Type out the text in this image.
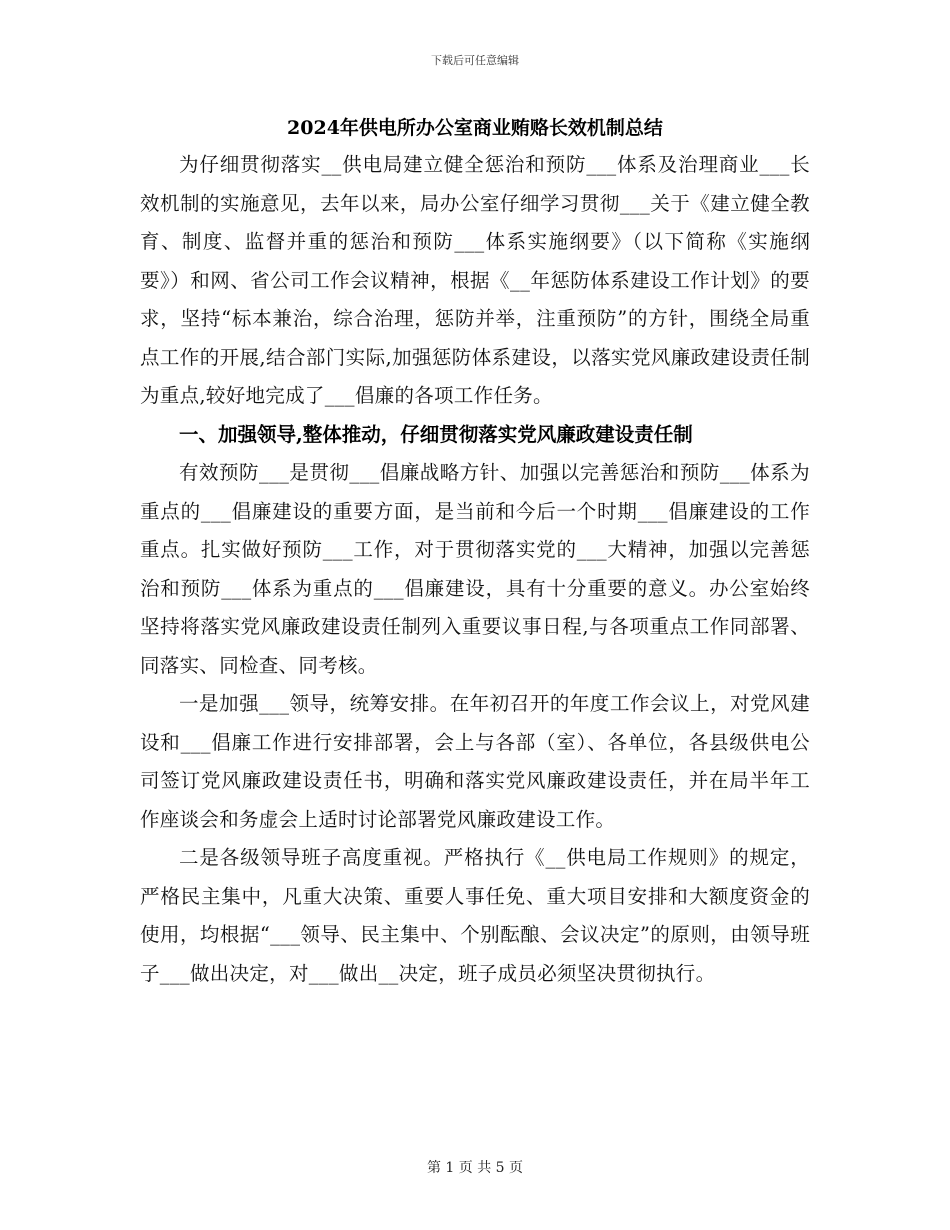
下载后可任意编辑
2024年供电所办公室商业贿赂长效机制总结

为仔细贯彻落实__供电局建立健全惩治和预防___体系及治理商业___长效机制的实施意见，去年以来，局办公室仔细学习贯彻___关于《建立健全教育、制度、监督并重的惩治和预防___体系实施纲要》（以下简称《实施纲要》）和网、省公司工作会议精神，根据《__年惩防体系建设工作计划》的要求，坚持“标本兼治，综合治理，惩防并举，注重预防”的方针，围绕全局重点工作的开展,结合部门实际,加强惩防体系建设，以落实党风廉政建设责任制为重点,较好地完成了___倡廉的各项工作任务。

一、加强领导,整体推动，仔细贯彻落实党风廉政建设责任制

有效预防___是贯彻___倡廉战略方针、加强以完善惩治和预防___体系为重点的___倡廉建设的重要方面，是当前和今后一个时期___倡廉建设的工作重点。扎实做好预防___工作，对于贯彻落实党的___大精神，加强以完善惩治和预防___体系为重点的___倡廉建设，具有十分重要的意义。办公室始终坚持将落实党风廉政建设责任制列入重要议事日程,与各项重点工作同部署、同落实、同检查、同考核。

一是加强___领导，统筹安排。在年初召开的年度工作会议上，对党风建设和___倡廉工作进行安排部署，会上与各部（室）、各单位，各县级供电公司签订党风廉政建设责任书，明确和落实党风廉政建设责任，并在局半年工作座谈会和务虚会上适时讨论部署党风廉政建设工作。

二是各级领导班子高度重视。严格执行《__供电局工作规则》的规定，严格民主集中，凡重大决策、重要人事任免、重大项目安排和大额度资金的使用，均根据“___领导、民主集中、个别酝酿、会议决定”的原则，由领导班子___做出决定，对___做出__决定，班子成员必须坚决贯彻执行。

第 1 页 共 5 页
